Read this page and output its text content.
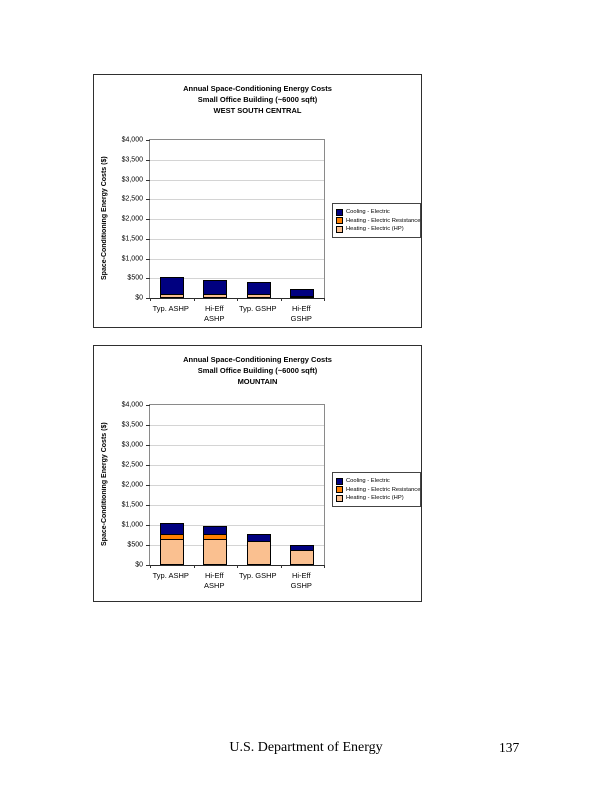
Annual Space-Conditioning Energy Costs
Small Office Building (~6000 sqft)
WEST SOUTH CENTRAL
Space-Conditioning Energy Costs ($)
$0
$500
$1,000
$1,500
$2,000
$2,500
$3,000
$3,500
$4,000
Cooling - Electric
Heating - Electric Resistance
Heating - Electric (HP)
Typ. ASHP	Hi-Eff
ASHP
Typ. GSHP	Hi-Eff
GSHP
Annual Space-Conditioning Energy Costs
Small Office Building (~6000 sqft)
MOUNTAIN
Space-Conditioning Energy Costs ($)
$0
$500
$1,000
$1,500
$2,000
$2,500
$3,000
$3,500
$4,000
Cooling - Electric
Heating - Electric Resistance
Heating - Electric (HP)
Typ. ASHP	Hi-Eff
ASHP
Typ. GSHP	Hi-Eff
GSHP
U.S. Department of Energy	137
